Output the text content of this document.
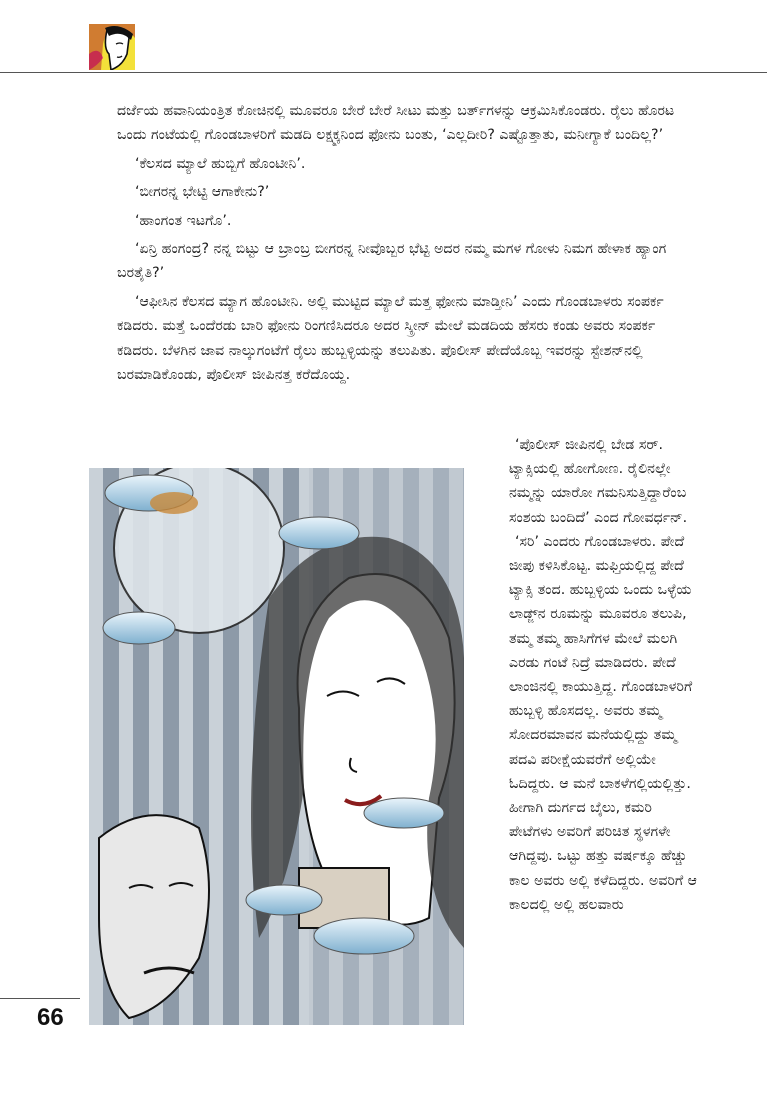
ದರ್ಜೆಯ ಹವಾನಿಯಂತ್ರಿತ ಕೋಚಿನಲ್ಲಿ ಮೂವರೂ ಬೇರೆ ಬೇರೆ ಸೀಟು ಮತ್ತು ಬರ್ತ್‌ಗಳನ್ನು ಆಕ್ರಮಿಸಿಕೊಂಡರು. ರೈಲು ಹೊರಟ ಒಂದು ಗಂಟೆಯಲ್ಲಿ ಗೊಂಡಬಾಳರಿಗೆ ಮಡದಿ ಲಕ್ಷ್ಮಕ್ಕನಿಂದ ಫೋನು ಬಂತು, ‘ಎಲ್ಲದೀರಿ? ಎಷ್ಟೊತ್ತಾತು, ಮನೀಗ್ಯಾಕೆ ಬಂದಿಲ್ಲ?’

‘ಕೆಲಸದ ಮ್ಯಾಲೆ ಹುಬ್ಬಿಗೆ ಹೊಂಟೀನಿ’.

‘ಬೀಗರನ್ನ ಭೇಟ್ಟಿ ಆಗಾಕೇನು?’

‘ಹಾಂಗಂತ ಇಟಗೊ’.

‘ಏನ್ರಿ ಹಂಗಂದ್ರ? ನನ್ನ ಬಿಟ್ಟು ಆ ಬ್ರಾಂಬ್ರ ಬೀಗರನ್ನ ನೀವೊಬ್ಬರ ಭೆಟ್ಟಿ ಅದರ ನಮ್ಮ ಮಗಳ ಗೋಳು ನಿಮಗ ಹೇಳಾಕ ಹ್ಯಾಂಗ ಬರತೈತಿ?’

‘ಆಫೀಸಿನ ಕೆಲಸದ ಮ್ಯಾಗ ಹೊಂಟೀನಿ. ಅಲ್ಲಿ ಮುಟ್ಟಿದ ಮ್ಯಾಲೆ ಮತ್ತ ಫೋನು ಮಾಡ್ತೀನಿ’ ಎಂದು ಗೊಂಡಬಾಳರು ಸಂಪರ್ಕ ಕಡಿದರು. ಮತ್ತೆ ಒಂದೆರಡು ಬಾರಿ ಫೋನು ರಿಂಗಣಿಸಿದರೂ ಅದರ ಸ್ಕ್ರೀನ್ ಮೇಲೆ ಮಡದಿಯ ಹೆಸರು ಕಂಡು ಅವರು ಸಂಪರ್ಕ ಕಡಿದರು. ಬೆಳಗಿನ ಜಾವ ನಾಲ್ಕುಗಂಟೆಗೆ ರೈಲು ಹುಬ್ಬಳ್ಳಿಯನ್ನು ತಲುಪಿತು. ಪೊಲೀಸ್ ಪೇದೆಯೊಬ್ಬ ಇವರನ್ನು ಸ್ಟೇಶನ್‌ನಲ್ಲಿ ಬರಮಾಡಿಕೊಂಡು, ಪೊಲೀಸ್ ಜೀಪಿನತ್ತ ಕರೆದೊಯ್ದ.

‘ಪೊಲೀಸ್ ಜೀಪಿನಲ್ಲಿ ಬೇಡ ಸರ್. ಟ್ಯಾಕ್ಸಿಯಲ್ಲಿ ಹೋಗೋಣ. ರೈಲಿನಲ್ಲೇ ನಮ್ಮನ್ನು ಯಾರೋ ಗಮನಿಸುತ್ತಿದ್ದಾರೆಂಬ ಸಂಶಯ ಬಂದಿದೆ’ ಎಂದ ಗೋವರ್ಧನ್.

‘ಸರಿ’ ಎಂದರು ಗೊಂಡಬಾಳರು. ಪೇದೆ ಜೀಪು ಕಳಿಸಿಕೊಟ್ಟ. ಮಫ್ತಿಯಲ್ಲಿದ್ದ ಪೇದೆ ಟ್ಯಾಕ್ಸಿ ತಂದ. ಹುಬ್ಬಳ್ಳಿಯ ಒಂದು ಒಳ್ಳೆಯ ಲಾಡ್ಜ್‌ನ ರೂಮನ್ನು ಮೂವರೂ ತಲುಪಿ, ತಮ್ಮ ತಮ್ಮ ಹಾಸಿಗೆಗಳ ಮೇಲೆ ಮಲಗಿ ಎರಡು ಗಂಟೆ ನಿದ್ರೆ ಮಾಡಿದರು. ಪೇದೆ ಲಾಂಜಿನಲ್ಲಿ ಕಾಯುತ್ತಿದ್ದ. ಗೊಂಡಬಾಳರಿಗೆ ಹುಬ್ಬಳ್ಳಿ ಹೊಸದಲ್ಲ. ಅವರು ತಮ್ಮ ಸೋದರಮಾವನ ಮನೆಯಲ್ಲಿದ್ದು ತಮ್ಮ ಪದವಿ ಪರೀಕ್ಷೆಯವರೆಗೆ ಅಲ್ಲಿಯೇ ಓದಿದ್ದರು. ಆ ಮನೆ ಬಾಕಳೆಗಲ್ಲಿಯಲ್ಲಿತ್ತು. ಹೀಗಾಗಿ ದುರ್ಗದ ಬೈಲು, ಕಮರಿ ಪೇಟೆಗಳು ಅವರಿಗೆ ಪರಿಚಿತ ಸ್ಥಳಗಳೇ ಆಗಿದ್ದವು. ಒಟ್ಟು ಹತ್ತು ವರ್ಷಕ್ಕೂ ಹೆಚ್ಚು ಕಾಲ ಅವರು ಅಲ್ಲಿ ಕಳೆದಿದ್ದರು. ಅವರಿಗೆ ಆ ಕಾಲದಲ್ಲಿ ಅಲ್ಲಿ ಹಲವಾರು

66
